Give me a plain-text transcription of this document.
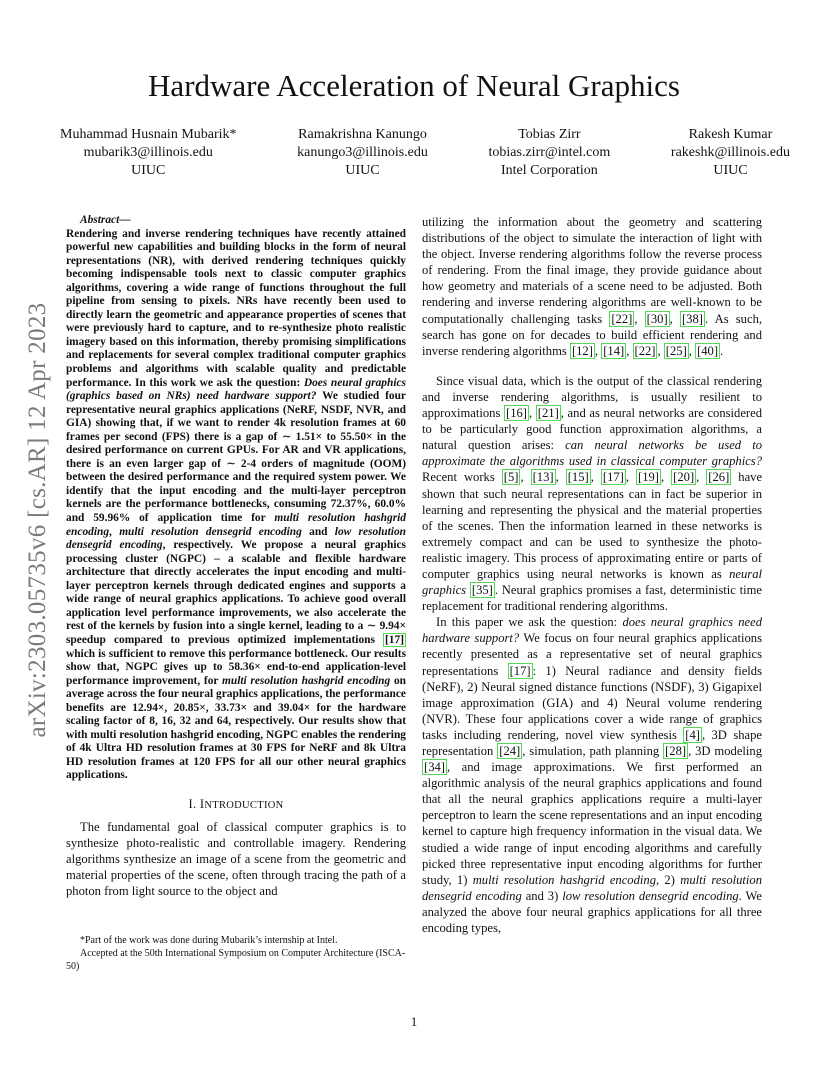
arXiv:2303.05735v6 [cs.AR] 12 Apr 2023
Hardware Acceleration of Neural Graphics
Muhammad Husnain Mubarik*
mubarik3@illinois.edu
UIUC
Ramakrishna Kanungo
kanungo3@illinois.edu
UIUC
Tobias Zirr
tobias.zirr@intel.com
Intel Corporation
Rakesh Kumar
rakeshk@illinois.edu
UIUC

Abstract—
Rendering and inverse rendering techniques have recently attained powerful new capabilities and building blocks in the form of neural representations (NR), with derived rendering techniques quickly becoming indispensable tools next to classic computer graphics algorithms, covering a wide range of functions throughout the full pipeline from sensing to pixels. NRs have recently been used to directly learn the geometric and appearance properties of scenes that were previously hard to capture, and to re-synthesize photo realistic imagery based on this information, thereby promising simplifications and replacements for several complex traditional computer graphics problems and algorithms with scalable quality and predictable performance. In this work we ask the question: Does neural graphics (graphics based on NRs) need hardware support? We studied four representative neural graphics applications (NeRF, NSDF, NVR, and GIA) showing that, if we want to render 4k resolution frames at 60 frames per second (FPS) there is a gap of ∼ 1.51× to 55.50× in the desired performance on current GPUs. For AR and VR applications, there is an even larger gap of ∼ 2-4 orders of magnitude (OOM) between the desired performance and the required system power. We identify that the input encoding and the multi-layer perceptron kernels are the performance bottlenecks, consuming 72.37%, 60.0% and 59.96% of application time for multi resolution hashgrid encoding, multi resolution densegrid encoding and low resolution densegrid encoding, respectively. We propose a neural graphics processing cluster (NGPC) – a scalable and flexible hardware architecture that directly accelerates the input encoding and multi-layer perceptron kernels through dedicated engines and supports a wide range of neural graphics applications. To achieve good overall application level performance improvements, we also accelerate the rest of the kernels by fusion into a single kernel, leading to a ∼ 9.94× speedup compared to previous optimized implementations [17] which is sufficient to remove this performance bottleneck. Our results show that, NGPC gives up to 58.36× end-to-end application-level performance improvement, for multi resolution hashgrid encoding on average across the four neural graphics applications, the performance benefits are 12.94×, 20.85×, 33.73× and 39.04× for the hardware scaling factor of 8, 16, 32 and 64, respectively. Our results show that with multi resolution hashgrid encoding, NGPC enables the rendering of 4k Ultra HD resolution frames at 30 FPS for NeRF and 8k Ultra HD resolution frames at 120 FPS for all our other neural graphics applications.

I. INTRODUCTION

The fundamental goal of classical computer graphics is to synthesize photo-realistic and controllable imagery. Rendering algorithms synthesize an image of a scene from the geometric and material properties of the scene, often through tracing the path of a photon from light source to the object and

*Part of the work was done during Mubarik’s internship at Intel.

Accepted at the 50th International Symposium on Computer Architecture (ISCA-50)

utilizing the information about the geometry and scattering distributions of the object to simulate the interaction of light with the object. Inverse rendering algorithms follow the reverse process of rendering. From the final image, they provide guidance about how geometry and materials of a scene need to be adjusted. Both rendering and inverse rendering algorithms are well-known to be computationally challenging tasks [22] , [30] , [38] . As such, search has gone on for decades to build efficient rendering and inverse rendering algorithms [12] , [14] , [22] , [25] , [40] .

Since visual data, which is the output of the classical rendering and inverse rendering algorithms, is usually resilient to approximations [16] , [21] , and as neural networks are considered to be particularly good function approximation algorithms, a natural question arises: can neural networks be used to approximate the algorithms used in classical computer graphics? Recent works [5] , [13] , [15] , [17] , [19] , [20] , [26] have shown that such neural representations can in fact be superior in learning and representing the physical and the material properties of the scenes. Then the information learned in these networks is extremely compact and can be used to synthesize the photo-realistic imagery. This process of approximating entire or parts of computer graphics using neural networks is known as neural graphics [35] . Neural graphics promises a fast, deterministic time replacement for traditional rendering algorithms.

In this paper we ask the question: does neural graphics need hardware support? We focus on four neural graphics applications recently presented as a representative set of neural graphics representations [17] : 1) Neural radiance and density fields (NeRF), 2) Neural signed distance functions (NSDF), 3) Gigapixel image approximation (GIA) and 4) Neural volume rendering (NVR). These four applications cover a wide range of graphics tasks including rendering, novel view synthesis [4] , 3D shape representation [24] , simulation, path planning [28] , 3D modeling [34] , and image approximations. We first performed an algorithmic analysis of the neural graphics applications and found that all the neural graphics applications require a multi-layer perceptron to learn the scene representations and an input encoding kernel to capture high frequency information in the visual data. We studied a wide range of input encoding algorithms and carefully picked three representative input encoding algorithms for further study, 1) multi resolution hashgrid encoding, 2) multi resolution densegrid encoding and 3) low resolution densegrid encoding. We analyzed the above four neural graphics applications for all three encoding types,

1
